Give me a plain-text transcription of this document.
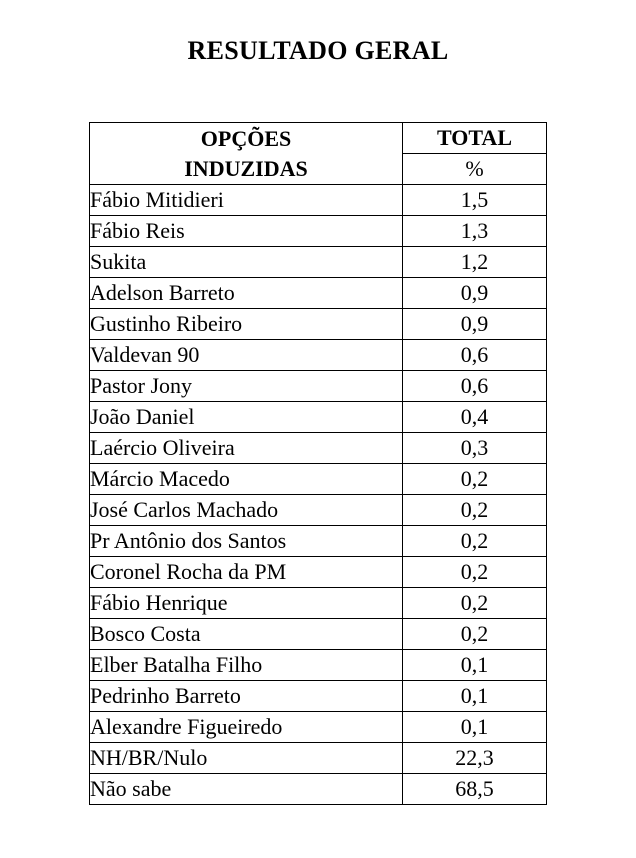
RESULTADO GERAL
OPÇÕES
INDUZIDAS	TOTAL
	%
Fábio Mitidieri	1,5
Fábio Reis	1,3
Sukita	1,2
Adelson Barreto	0,9
Gustinho Ribeiro	0,9
Valdevan 90	0,6
Pastor Jony	0,6
João Daniel	0,4
Laércio Oliveira	0,3
Márcio Macedo	0,2
José Carlos Machado	0,2
Pr Antônio dos Santos	0,2
Coronel Rocha da PM	0,2
Fábio Henrique	0,2
Bosco Costa	0,2
Elber Batalha Filho	0,1
Pedrinho Barreto	0,1
Alexandre Figueiredo	0,1
NH/BR/Nulo	22,3
Não sabe	68,5
